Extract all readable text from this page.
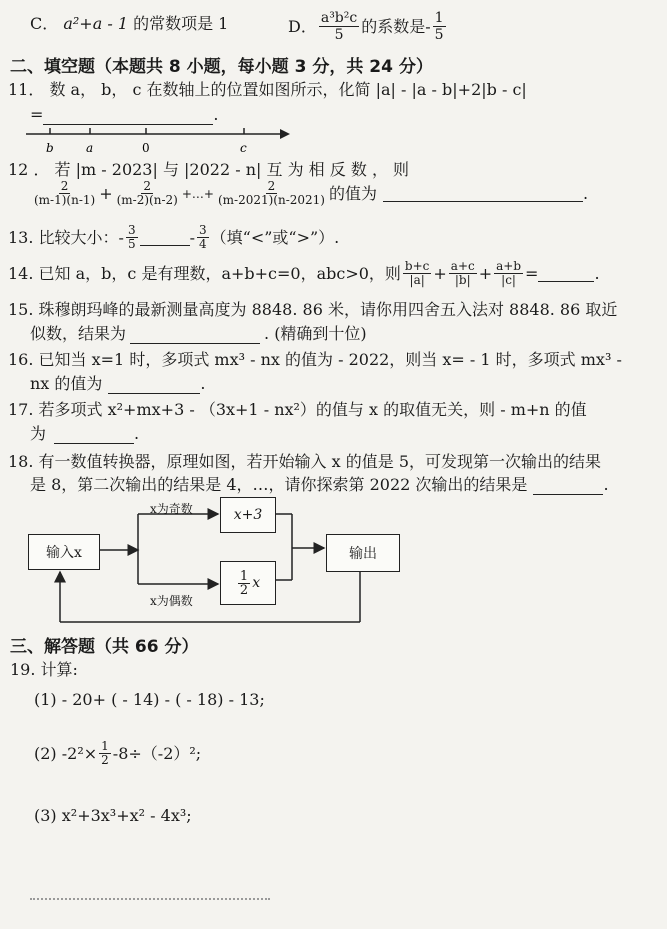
C． a²+a - 1 的常数项是 1	D． $\frac{\text{a³b²c}}{5}$ 的系数是 - $\frac{1}{5}$
二、填空题（本题共 8 小题，每小题 3 分，共 24 分）
11． 数 a， b， c 在数轴上的位置如图所示，化简 |a| - |a - b|+2|b - c|
=	.
b	a	0	c
12 ． 若 |m - 2023| 与 |2022 - n| 互 为 相 反 数 ， 则
$\frac{2}{(m-1)(n-1)} + \frac{2}{(m-2)(n-2)}$ +…+ $\frac{2}{(m-2021)(n-2021)}$ 的值为	.
13. 比较大小： - $\frac{3}{5}$	- $\frac{3}{4}$ （填“<”或“>”）.
14. 已知 a，b，c 是有理数，a+b+c=0，abc>0，则 $\frac{b+c}{|a|} + \frac{a+c}{|b|} + \frac{a+b}{|c|}$ =	.
15. 珠穆朗玛峰的最新测量高度为 8848. 86 米，请你用四舍五入法对 8848. 86 取近
似数，结果为	. (精确到十位)
16. 已知当 x=1 时，多项式 mx³ - nx 的值为 - 2022，则当 x= - 1 时，多项式 mx³ -
nx 的值为	.
17. 若多项式 x²+mx+3 - （3x+1 - nx²）的值与 x 的取值无关，则 - m+n 的值
为	.
18. 有一数值转换器，原理如图，若开始输入 x 的值是 5，可发现第一次输出的结果
是 8，第二次输出的结果是 4，…，请你探索第 2022 次输出的结果是	.
输入x
x为奇数	x+3
$\frac{1}{2}$ x
x为偶数
输出
三、解答题（共 66 分）
19. 计算:
(1) - 20+ ( - 14) - ( - 18) - 13;
(2) $-2^2\times \frac{1}{2} -8\div(-2)^2$;
(3) x²+3x³+x² - 4x³;
